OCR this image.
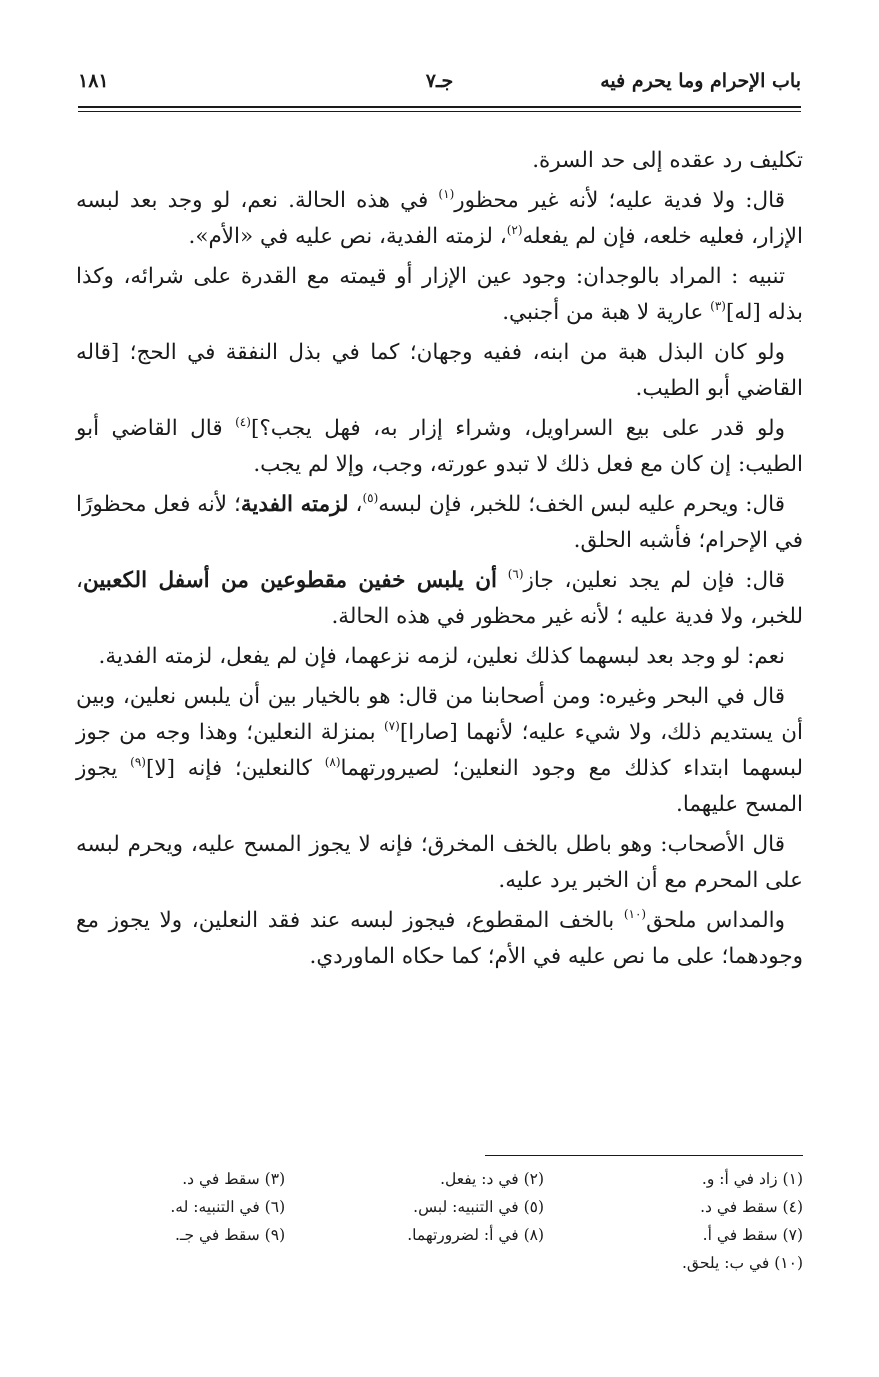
باب الإحرام وما يحرم فيه
جـ٧
١٨١

تكليف رد عقده إلى حد السرة.

قال: ولا فدية عليه؛ لأنه غير محظور$^{(١)}$ في هذه الحالة. نعم، لو وجد بعد لبسه الإزار، فعليه خلعه، فإن لم يفعله$^{(٢)}$، لزمته الفدية، نص عليه في «الأم».

تنبيه : المراد بالوجدان: وجود عين الإزار أو قيمته مع القدرة على شرائه، وكذا بذله [له]$^{(٣)}$ عارية لا هبة من أجنبي.

ولو كان البذل هبة من ابنه، ففيه وجهان؛ كما في بذل النفقة في الحج؛ [قاله القاضي أبو الطيب.

ولو قدر على بيع السراويل، وشراء إزار به، فهل يجب؟]$^{(٤)}$ قال القاضي أبو الطيب: إن كان مع فعل ذلك لا تبدو عورته، وجب، وإلا لم يجب.

قال: ويحرم عليه لبس الخف؛ للخبر، فإن لبسه$^{(٥)}$، لزمته الفدية؛ لأنه فعل محظورًا في الإحرام؛ فأشبه الحلق.

قال: فإن لم يجد نعلين، جاز$^{(٦)}$ أن يلبس خفين مقطوعين من أسفل الكعبين، للخبر، ولا فدية عليه ؛ لأنه غير محظور في هذه الحالة.

نعم: لو وجد بعد لبسهما كذلك نعلين، لزمه نزعهما، فإن لم يفعل، لزمته الفدية.

قال في البحر وغيره: ومن أصحابنا من قال: هو بالخيار بين أن يلبس نعلين، وبين أن يستديم ذلك، ولا شيء عليه؛ لأنهما [صارا]$^{(٧)}$ بمنزلة النعلين؛ وهذا وجه من جوز لبسهما ابتداء كذلك مع وجود النعلين؛ لصيرورتهما$^{(٨)}$ كالنعلين؛ فإنه [لا]$^{(٩)}$ يجوز المسح عليهما.

قال الأصحاب: وهو باطل بالخف المخرق؛ فإنه لا يجوز المسح عليه، ويحرم لبسه على المحرم مع أن الخبر يرد عليه.

والمداس ملحق$^{(١٠)}$ بالخف المقطوع، فيجوز لبسه عند فقد النعلين، ولا يجوز مع وجودهما؛ على ما نص عليه في الأم؛ كما حكاه الماوردي.

(١) زاد في أ: و.
(٢) في د: يفعل.
(٣) سقط في د.
(٤) سقط في د.
(٥) في التنبيه: لبس.
(٦) في التنبيه: له.
(٧) سقط في أ.
(٨) في أ: لضرورتهما.
(٩) سقط في جـ.
(١٠) في ب: يلحق.
